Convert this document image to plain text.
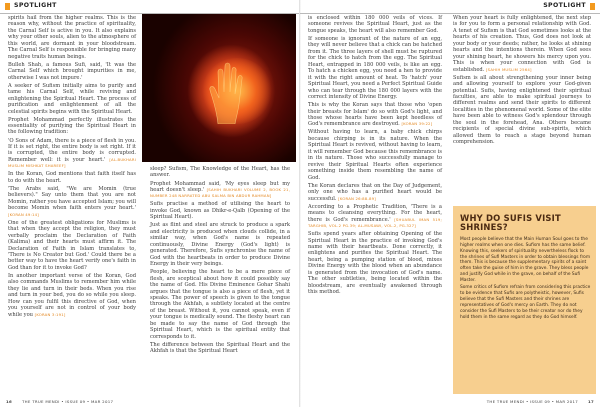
SPOTLIGHT

spirits hail from the higher realms. This is the reason why, without the practice of spirituality, the Carnal Self is active in you. It also explains why your other souls, alien to the atmosphere of this world, are dormant in your bloodstream. The Carnal Self is responsible for bringing many negative traits human beings.

Bulleh Shah, a famous Sufi, said, 'It was the Carnal Self which brought impurities in me, otherwise I was not impure.'

A seeker of Sufism initially aims to purify and tame his Carnal Self, while reviving and enlightening the Spiritual Heart. The process of purification and enlightenment of all the celestial spirits begins with the Spiritual Heart.

Prophet Mohammad perfectly illustrates the essentiality of purifying the Spiritual Heart in the following tradition:

'O Sons of Adam, there is a piece of flesh in you. If it is set right, the entire body is set right. If it is corrupted, the entire body is corrupted. Remember well: it is your heart.' [AL-BUKHARI MUSLIM MISHKAT SHAREEF]

In the Koran, God mentions that faith itself has to do with the heart.

'The Arabs said, "We are Momin (true believers)." Say unto them that you are not Momin, rather you have accepted Islam; you will become Momin when faith enters your heart.' [KORAN 49:14]

One of the greatest obligations for Muslims is that when they accept the religion, they must verbally proclaim the Declaration of Faith (Kalima) and their hearts must affirm it. The Declaration of Faith in Islam translates to, 'There is No Creator but God.' Could there be a better way to have the heart verify one's faith in God than for it to invoke God?

In another important verse of the Koran, God also commands Muslims to remember him while they lie and turn in their beds. When you rise and turn in your bed, you do so while you sleep. How can you fulfil this directive of God, when you yourself are not in control of your body while you [KORAN 3:191]

sleep? Sufism, The Knowledge of the Heart, has the answer.

Prophet Mohammad said, 'My eyes sleep but my heart doesn't sleep.' [SAHIH BUKHARI VOLUME 2, BOOK 21, NUMBER 248 NARRATED ABU SALMA BIN ABDUR RAHMAN]

Sufis practise a method of utilising the heart to invoke God, known as Dhikr-e-Qalb (Opening of the Spiritual Heart).

Just as flint and steel are struck to produce a spark and electricity is produced when clouds collide, in a similar way, when God's name is repeated continuously, Divine Energy (God's light) is generated. Therefore, Sufis synchronise the name of God with the heartbeats in order to produce Divine Energy in their very beings.

People, believing the heart to be a mere piece of flesh, are sceptical about how it could possibly say the name of God. His Divine Eminence Gohar Shahi argues that the tongue is also a piece of flesh, yet it speaks. The power of speech is given to the tongue through the Akhfah, a subtlety located at the centre of the breast. Without it, you cannot speak, even if your tongue is medically sound. The fleshy heart can be made to say the name of God through the Spiritual Heart, which is the spiritual entity that corresponds to it.

The difference between the Spiritual Heart and the Akhfah is that the Spiritual Heart

16	THE TRUE MENDI • ISSUE 09 • MAR 2017
SPOTLIGHT

is enclosed within 180 000 veils of vices. If someone revives the Spiritual Heart, just as the tongue speaks, the heart will also remember God.

If someone is ignorant of the nature of an egg, they will never believe that a chick can be hatched from it. The three layers of shell must be ruptured for the chick to hatch from the egg. The Spiritual Heart, entrapped in 180 000 veils, is like an egg. To hatch a chicken egg, you need a hen to provide it with the right amount of heat. To 'hatch' your Spiritual Heart, you need a Perfect Spiritual Guide who can tear through the 180 000 layers with the correct intensity of Divine Energy.

This is why the Koran says that those who 'open their breasts for Islam' do so with God's light, and those whose hearts have been kept heedless of God's remembrance are destroyed. [KORAN 39:22]

Without having to learn, a baby chick chirps because chirping is in its nature. When the Spiritual Heart is revived, without having to learn, it will remember God because this remembrance is in its nature. Those who successfully manage to revive their Spiritual Hearts often experience something inside them resembling the name of God.

The Koran declares that on the Day of Judgement, only one who has a purified heart would be successful. [KORAN 26:88-89]

According to a Prophetic Tradition, 'There is a means to cleansing everything. For the heart, there is God's remembrance.' [SHUABUL IMAN 519; TARGHIB, VOL.2 PG.39; AL-MUSAWI, VOL.2, PG.327]

Sufis spend years after obtaining Opening of the Spiritual Heart in the practice of invoking God's name with their heartbeats. Done correctly, it enlightens and purifies the Spiritual Heart. The heart, being a pumping station of blood, mixes Divine Energy with the blood when an abundance is generated from the invocation of God's name. The other subtleties, being located within the bloodstream, are eventually awakened through this method.

When your heart is fully enlightened, the next step is for you to form a personal relationship with God. A tenet of Sufism is that God sometimes looks at the hearts of his creation. Thus, God does not look at your body or your deeds; rather, he looks at shining hearts and the intentions therein. When God sees your shining heart, he showers his mercy upon you. This is when your connection with God is established. [SAHIH MUSLIM 2564]

Sufism is all about strengthening your inner being and allowing yourself to explore your God-given potential. Sufis, having enlightened their spiritual faculties, are able to make spiritual journeys to different realms and send their spirits to different localities in the phenomenal world. Some of the elite have been able to witness God's splendour through the soul in the forehead, Ana. Others became recipients of special divine sub-spirits, which allowed them to reach a stage beyond human comprehension.

WHY DO SUFIS VISIT SHRINES?

Most people believe that the Main Human Soul goes to the higher realms when one dies. Sufism has the same belief. Knowing this, seekers of spirituality nevertheless flock to the shrines of Sufi Masters in order to obtain blessings from them. This is because the supplementary spirits of a saint often take the guise of him in the grave. They bless people and justify God while in the grave, on behalf of the Sufi Master.

Some critics of Sufism refrain from considering this practice to be evidence that Sufis are polytheistic, however, Sufis believe that the Sufi Masters and their shrines are representatives of God's mercy on Earth. They do not consider the Sufi Masters to be their creator nor do they hold them in the same regard as they do God himself.

THE TRUE MENDI • ISSUE 09 • MAR 2017	17
